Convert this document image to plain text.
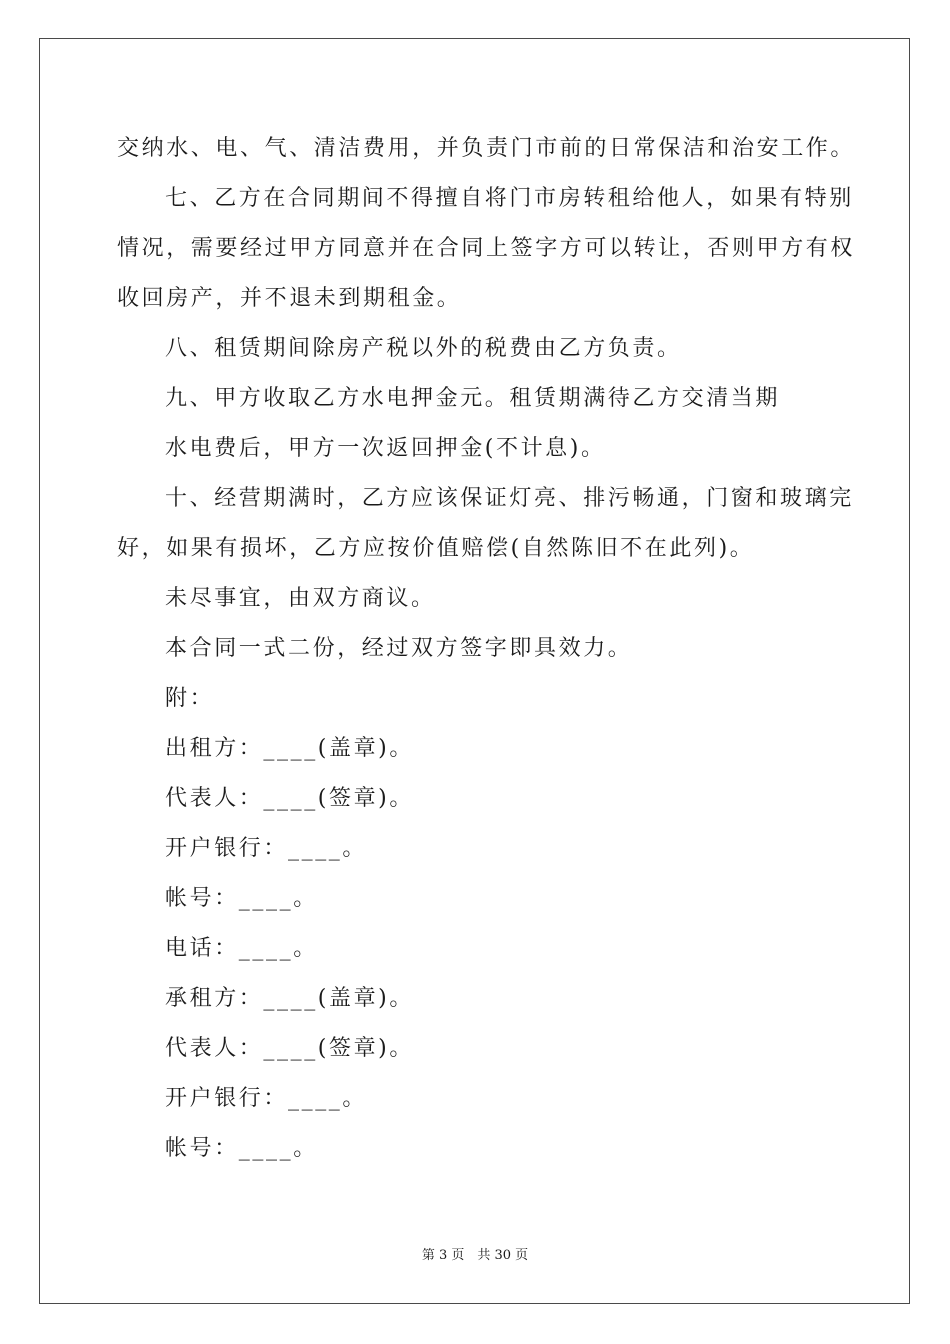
交纳水、电、气、清洁费用，并负责门市前的日常保洁和治安工作。
七、乙方在合同期间不得擅自将门市房转租给他人，如果有特别
情况，需要经过甲方同意并在合同上签字方可以转让，否则甲方有权
收回房产，并不退未到期租金。
八、租赁期间除房产税以外的税费由乙方负责。
九、甲方收取乙方水电押金元。租赁期满待乙方交清当期
水电费后，甲方一次返回押金(不计息)。
十、经营期满时，乙方应该保证灯亮、排污畅通，门窗和玻璃完
好，如果有损坏，乙方应按价值赔偿(自然陈旧不在此列)。
未尽事宜，由双方商议。
本合同一式二份，经过双方签字即具效力。
附：
出租方：____(盖章)。
代表人：____(签章)。
开户银行：____。
帐号：____。
电话：____。
承租方：____(盖章)。
代表人：____(签章)。
开户银行：____。
帐号：____。
第 3 页　共 30 页
